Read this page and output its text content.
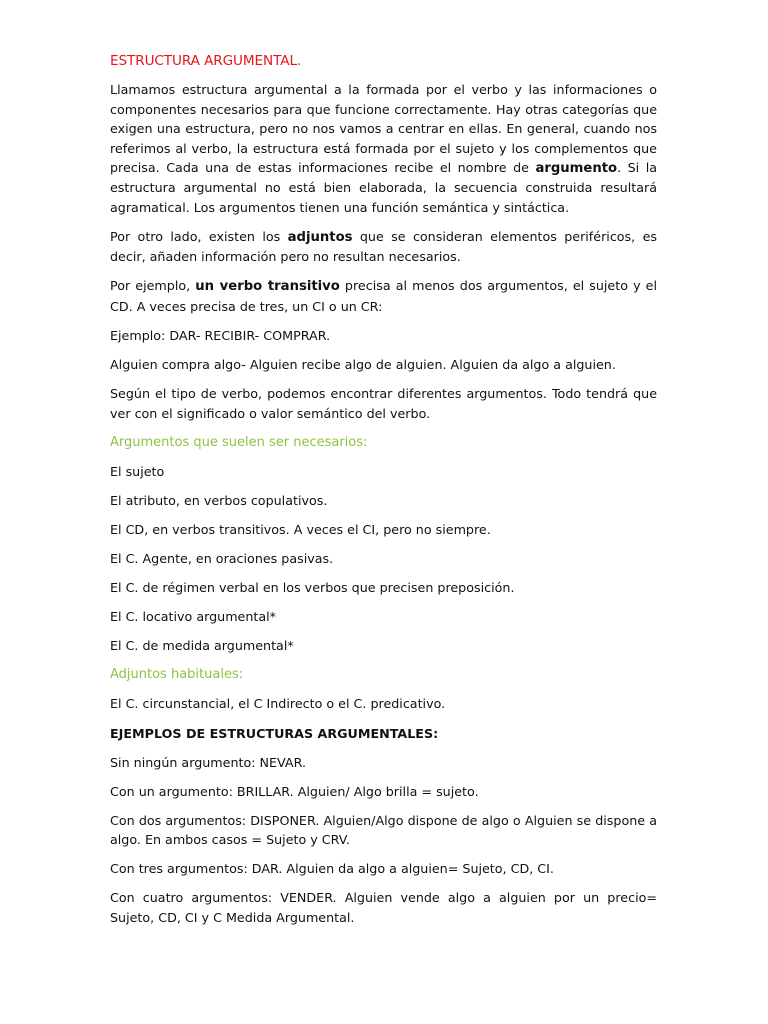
ESTRUCTURA ARGUMENTAL.

Llamamos estructura argumental a la formada por el verbo y las informaciones o componentes necesarios para que funcione correctamente. Hay otras categorías que exigen una estructura, pero no nos vamos a centrar en ellas. En general, cuando nos referimos al verbo, la estructura está formada por el sujeto y los complementos que precisa. Cada una de estas informaciones recibe el nombre de argumento. Si la estructura argumental no está bien elaborada, la secuencia construida resultará agramatical. Los argumentos tienen una función semántica y sintáctica.

Por otro lado, existen los adjuntos que se consideran elementos periféricos, es decir, añaden información pero no resultan necesarios.

Por ejemplo, un verbo transitivo precisa al menos dos argumentos, el sujeto y el CD. A veces precisa de tres, un CI o un CR:

Ejemplo: DAR- RECIBIR- COMPRAR.

Alguien compra algo- Alguien recibe algo de alguien. Alguien da algo a alguien.

Según el tipo de verbo, podemos encontrar diferentes argumentos. Todo tendrá que ver con el significado o valor semántico del verbo.

Argumentos que suelen ser necesarios:

El sujeto

El atributo, en verbos copulativos.

El CD, en verbos transitivos. A veces el CI, pero no siempre.

El C. Agente, en oraciones pasivas.

El C. de régimen verbal en los verbos que precisen preposición.

El C. locativo argumental*

El C. de medida argumental*

Adjuntos habituales:

El C. circunstancial, el C Indirecto o el C. predicativo.

EJEMPLOS DE ESTRUCTURAS ARGUMENTALES:

Sin ningún argumento: NEVAR.

Con un argumento: BRILLAR. Alguien/ Algo brilla = sujeto.

Con dos argumentos: DISPONER. Alguien/Algo dispone de algo o Alguien se dispone a algo. En ambos casos = Sujeto y CRV.

Con tres argumentos: DAR. Alguien da algo a alguien= Sujeto, CD, CI.

Con cuatro argumentos: VENDER. Alguien vende algo a alguien por un precio= Sujeto, CD, CI y C Medida Argumental.
